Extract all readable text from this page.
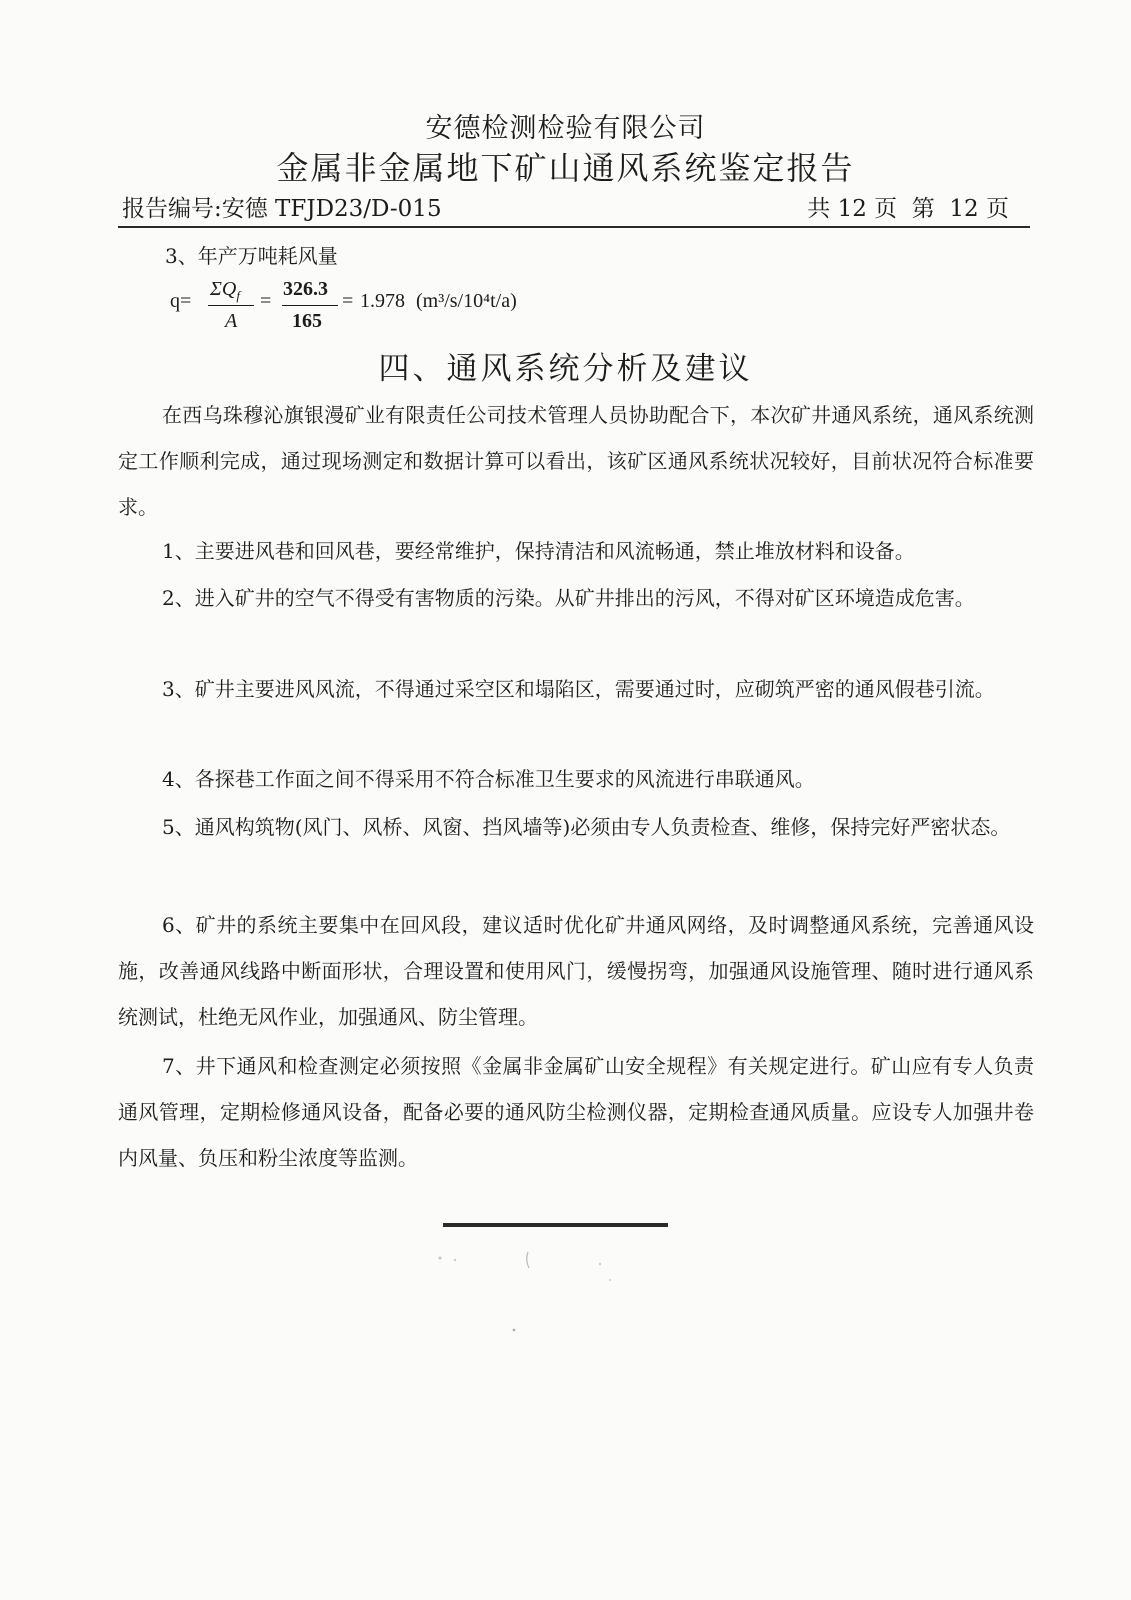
安德检测检验有限公司
金属非金属地下矿山通风系统鉴定报告
报告编号:安德 TFJD23/D-015	共 12 页  第  12 页
3、年产万吨耗风量
q=
$\Sigma Q_f$
A
=
326.3
165
= 1.978 (m³/s/10⁴t/a)
四、通风系统分析及建议

在西乌珠穆沁旗银漫矿业有限责任公司技术管理人员协助配合下，本次矿井通风系统，通风系统测定工作顺利完成，通过现场测定和数据计算可以看出，该矿区通风系统状况较好，目前状况符合标准要求。

1、主要进风巷和回风巷，要经常维护，保持清洁和风流畅通，禁止堆放材料和设备。

2、进入矿井的空气不得受有害物质的污染。从矿井排出的污风，不得对矿区环境造成危害。

3、矿井主要进风风流，不得通过采空区和塌陷区，需要通过时，应砌筑严密的通风假巷引流。

4、各探巷工作面之间不得采用不符合标准卫生要求的风流进行串联通风。

5、通风构筑物(风门、风桥、风窗、挡风墙等)必须由专人负责检查、维修，保持完好严密状态。

6、矿井的系统主要集中在回风段，建议适时优化矿井通风网络，及时调整通风系统，完善通风设施，改善通风线路中断面形状，合理设置和使用风门，缓慢拐弯，加强通风设施管理、随时进行通风系统测试，杜绝无风作业，加强通风、防尘管理。

7、井下通风和检查测定必须按照《金属非金属矿山安全规程》有关规定进行。矿山应有专人负责通风管理，定期检修通风设备，配备必要的通风防尘检测仪器，定期检查通风质量。应设专人加强井卷内风量、负压和粉尘浓度等监测。
